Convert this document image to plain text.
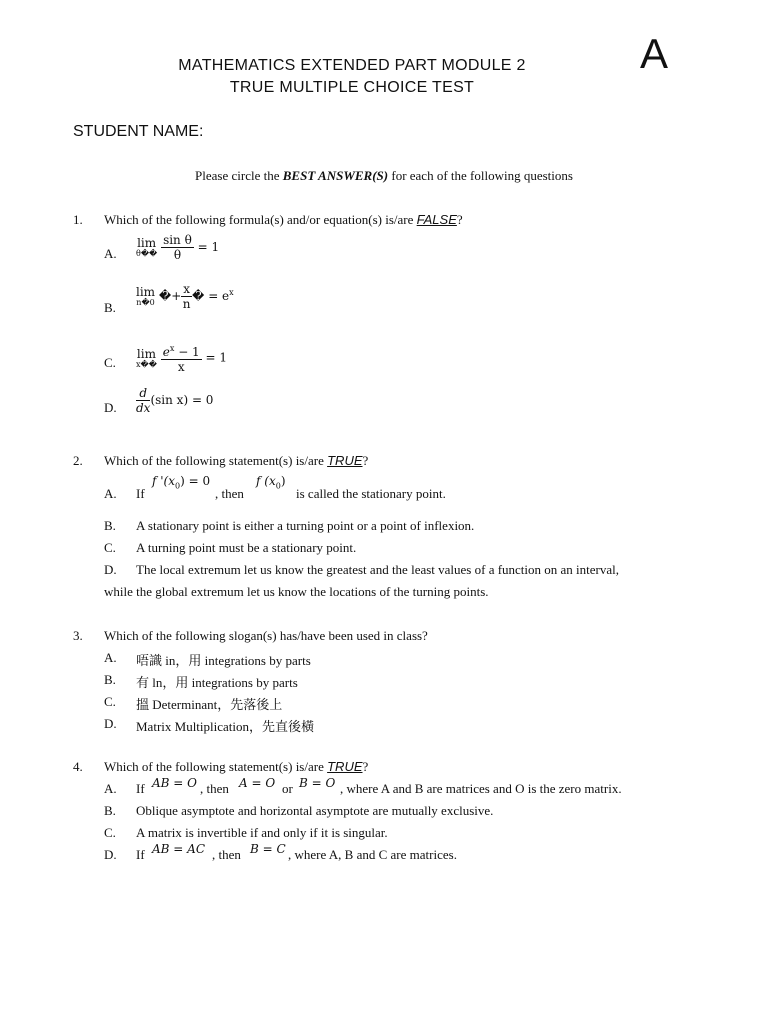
MATHEMATICS EXTENDED PART MODULE 2
TRUE MULTIPLE CHOICE TEST
A
STUDENT NAME:
Please circle the BEST ANSWER(S) for each of the following questions
1. Which of the following formula(s) and/or equation(s) is/are FALSE?
A.
lim
θ��
$\frac{\text{sin θ}}{\theta} = 1$
B.
lim
n�0 �+ $\frac{x}{n}$ � = $e^x$
C.
lim
x��
$\frac{e^x - 1}{x} = 1$
D. $\frac{d}{dx} (\sin$ x) = 0
2. Which of the following statement(s) is/are TRUE?
A. If
f '$(x_0) = 0$
, then
f $(x_0)$
is called the stationary point.
B. A stationary point is either a turning point or a point of inflexion.
C. A turning point must be a stationary point.
D. The local extremum let us know the greatest and the least values of a function on an interval,
while the global extremum let us know the locations of the turning points.
3. Which of the following slogan(s) has/have been used in class?
A. 唔識 in，用 integrations by parts
B. 有 ln，用 integrations by parts
C. 搵 Determinant，先落後上
D. Matrix Multiplication，先直後橫
4. Which of the following statement(s) is/are TRUE?
A. If AB = O , then A = O or B = O , where A and B are matrices and O is the zero matrix.
B. Oblique asymptote and horizontal asymptote are mutually exclusive.
C. A matrix is invertible if and only if it is singular.
D. If AB = AC , then B = C , where A, B and C are matrices.
